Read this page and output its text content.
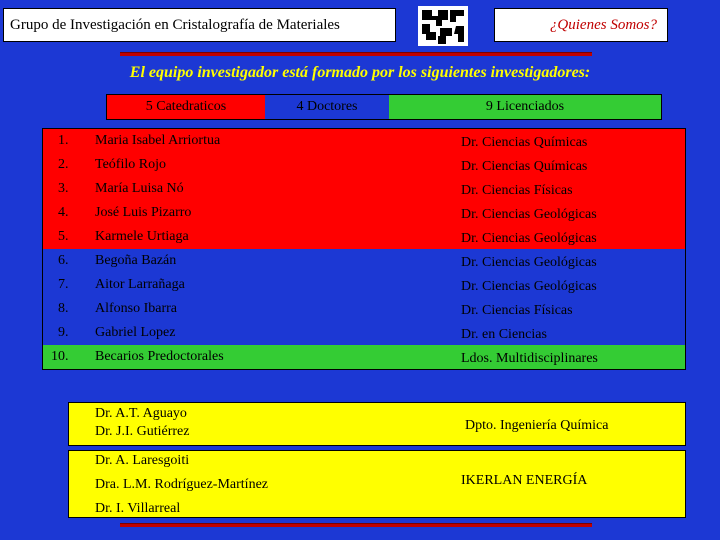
Grupo de Investigación en Cristalografía de Materiales	¿Quienes Somos?
El equipo investigador está formado por los siguientes investigadores:
5 Catedraticos	4 Doctores	9 Licenciados
1. Maria Isabel Arriortua	Dr. Ciencias Químicas
2. Teófilo Rojo	Dr. Ciencias Químicas
3. María Luisa Nó	Dr. Ciencias Físicas
4. José Luis Pizarro	Dr. Ciencias Geológicas
5. Karmele Urtiaga	Dr. Ciencias Geológicas
6. Begoña Bazán	Dr. Ciencias Geológicas
7. Aitor Larrañaga	Dr. Ciencias Geológicas
8. Alfonso Ibarra	Dr. Ciencias Físicas
9. Gabriel Lopez	Dr. en Ciencias
10. Becarios Predoctorales	Ldos. Multidisciplinares
Dr. A.T. Aguayo
Dr. J.I. Gutiérrez	Dpto. Ingeniería Química
Dr. A. Laresgoiti
Dra. L.M. Rodríguez-Martínez
Dr. I. Villarreal
IKERLAN ENERGÍA
